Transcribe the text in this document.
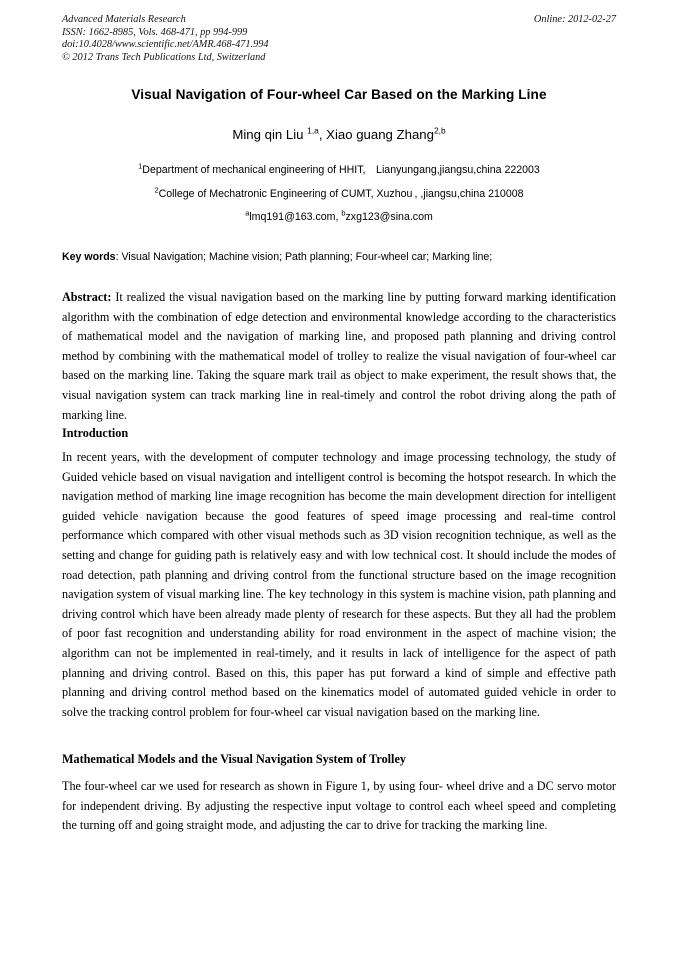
Advanced Materials Research
ISSN: 1662-8985, Vols. 468-471, pp 994-999
doi:10.4028/www.scientific.net/AMR.468-471.994
© 2012 Trans Tech Publications Ltd, Switzerland
Online: 2012-02-27
Visual Navigation of Four-wheel Car Based on the Marking Line
Ming qin Liu $^{1,a}$, Xiao guang Zhang$^{2,b}$
$^1$Department of mechanical engineering of HHIT, Lianyungang,jiangsu,china 222003
$^2$College of Mechatronic Engineering of CUMT, Xuzhou , ,jiangsu,china 210008
$^a$lmq191@163.com, $^b$zxg123@sina.com
Key words: Visual Navigation; Machine vision; Path planning; Four-wheel car; Marking line;
Abstract: It realized the visual navigation based on the marking line by putting forward marking identification algorithm with the combination of edge detection and environmental knowledge according to the characteristics of mathematical model and the navigation of marking line, and proposed path planning and driving control method by combining with the mathematical model of trolley to realize the visual navigation of four-wheel car based on the marking line. Taking the square mark trail as object to make experiment, the result shows that, the visual navigation system can track marking line in real-timely and control the robot driving along the path of marking line.
Introduction
In recent years, with the development of computer technology and image processing technology, the study of Guided vehicle based on visual navigation and intelligent control is becoming the hotspot research. In which the navigation method of marking line image recognition has become the main development direction for intelligent guided vehicle navigation because the good features of speed image processing and real-time control performance which compared with other visual methods such as 3D vision recognition technique, as well as the setting and change for guiding path is relatively easy and with low technical cost. It should include the modes of road detection, path planning and driving control from the functional structure based on the image recognition navigation system of visual marking line. The key technology in this system is machine vision, path planning and driving control which have been already made plenty of research for these aspects. But they all had the problem of poor fast recognition and understanding ability for road environment in the aspect of machine vision; the algorithm can not be implemented in real-timely, and it results in lack of intelligence for the aspect of path planning and driving control. Based on this, this paper has put forward a kind of simple and effective path planning and driving control method based on the kinematics model of automated guided vehicle in order to solve the tracking control problem for four-wheel car visual navigation based on the marking line.
Mathematical Models and the Visual Navigation System of Trolley
The four-wheel car we used for research as shown in Figure 1, by using four- wheel drive and a DC servo motor for independent driving. By adjusting the respective input voltage to control each wheel speed and completing the turning off and going straight mode, and adjusting the car to drive for tracking the marking line.
